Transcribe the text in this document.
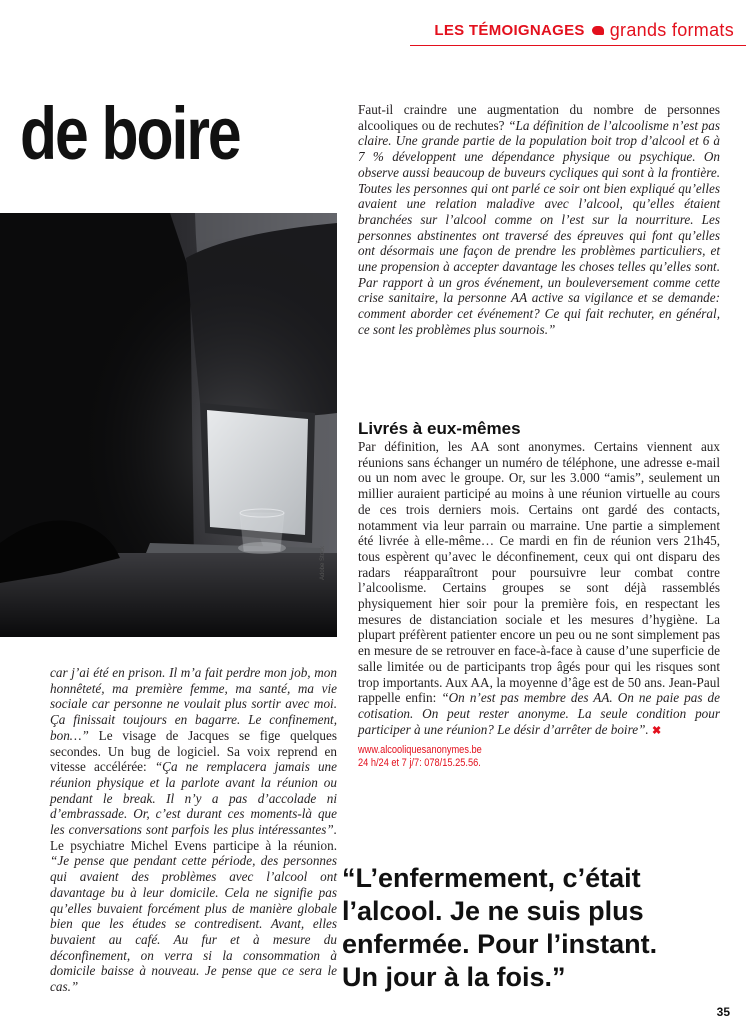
LES TÉMOIGNAGES grands formats
de boire
Adobe Stock

Faut-il craindre une augmentation du nombre de personnes alcooliques ou de rechutes? “La définition de l’alcoolisme n’est pas claire. Une grande partie de la population boit trop d’alcool et 6 à 7 % développent une dépendance physique ou psychique. On observe aussi beaucoup de buveurs cycliques qui sont à la frontière. Toutes les personnes qui ont parlé ce soir ont bien expliqué qu’elles avaient une relation maladive avec l’alcool, qu’elles étaient branchées sur l’alcool comme on l’est sur la nourriture. Les personnes abstinentes ont traversé des épreuves qui font qu’elles ont désormais une façon de prendre les problèmes particuliers, et une propension à accepter davantage les choses telles qu’elles sont. Par rapport à un gros événement, un bouleversement comme cette crise sanitaire, la personne AA active sa vigilance et se demande: comment aborder cet événement? Ce qui fait rechuter, en général, ce sont les problèmes plus sournois.”

Livrés à eux-mêmes

Par définition, les AA sont anonymes. Certains viennent aux réunions sans échanger un numéro de téléphone, une adresse e-mail ou un nom avec le groupe. Or, sur les 3.000 “amis”, seulement un millier auraient participé au moins à une réunion virtuelle au cours de ces trois derniers mois. Certains ont gardé des contacts, notamment via leur parrain ou marraine. Une partie a simplement été livrée à elle-même… Ce mardi en fin de réunion vers 21h45, tous espèrent qu’avec le déconfinement, ceux qui ont disparu des radars réapparaîtront pour poursuivre leur combat contre l’alcoolisme. Certains groupes se sont déjà rassemblés physiquement hier soir pour la première fois, en respectant les mesures de distanciation sociale et les mesures d’hygiène. La plupart préfèrent patienter encore un peu ou ne sont simplement pas en mesure de se retrouver en face-à-face à cause d’une superficie de salle limitée ou de participants trop âgés pour qui les risques sont trop importants. Aux AA, la moyenne d’âge est de 50 ans. Jean-Paul rappelle enfin: “On n’est pas membre des AA. On ne paie pas de cotisation. On peut rester anonyme. La seule condition pour participer à une réunion? Le désir d’arrêter de boire”. ✖

www.alcooliquesanonymes.be
24 h/24 et 7 j/7: 078/15.25.56.

car j’ai été en prison. Il m’a fait perdre mon job, mon honnêteté, ma première femme, ma santé, ma vie sociale car personne ne voulait plus sortir avec moi. Ça finissait toujours en bagarre. Le confinement, bon…” Le visage de Jacques se fige quelques secondes. Un bug de logiciel. Sa voix reprend en vitesse accélérée: “Ça ne remplacera jamais une réunion physique et la parlote avant la réunion ou pendant le break. Il n’y a pas d’accolade ni d’embrassade. Or, c’est durant ces moments-là que les conversations sont parfois les plus intéressantes”. Le psychiatre Michel Evens participe à la réunion. “Je pense que pendant cette période, des personnes qui avaient des problèmes avec l’alcool ont davantage bu à leur domicile. Cela ne signifie pas qu’elles buvaient forcément plus de manière globale bien que les études se contredisent. Avant, elles buvaient au café. Au fur et à mesure du déconfinement, on verra si la consommation à domicile baisse à nouveau. Je pense que ce sera le cas.”

“L’enfermement, c’était
l’alcool. Je ne suis plus
enfermée. Pour l’instant.
Un jour à la fois.”
35
